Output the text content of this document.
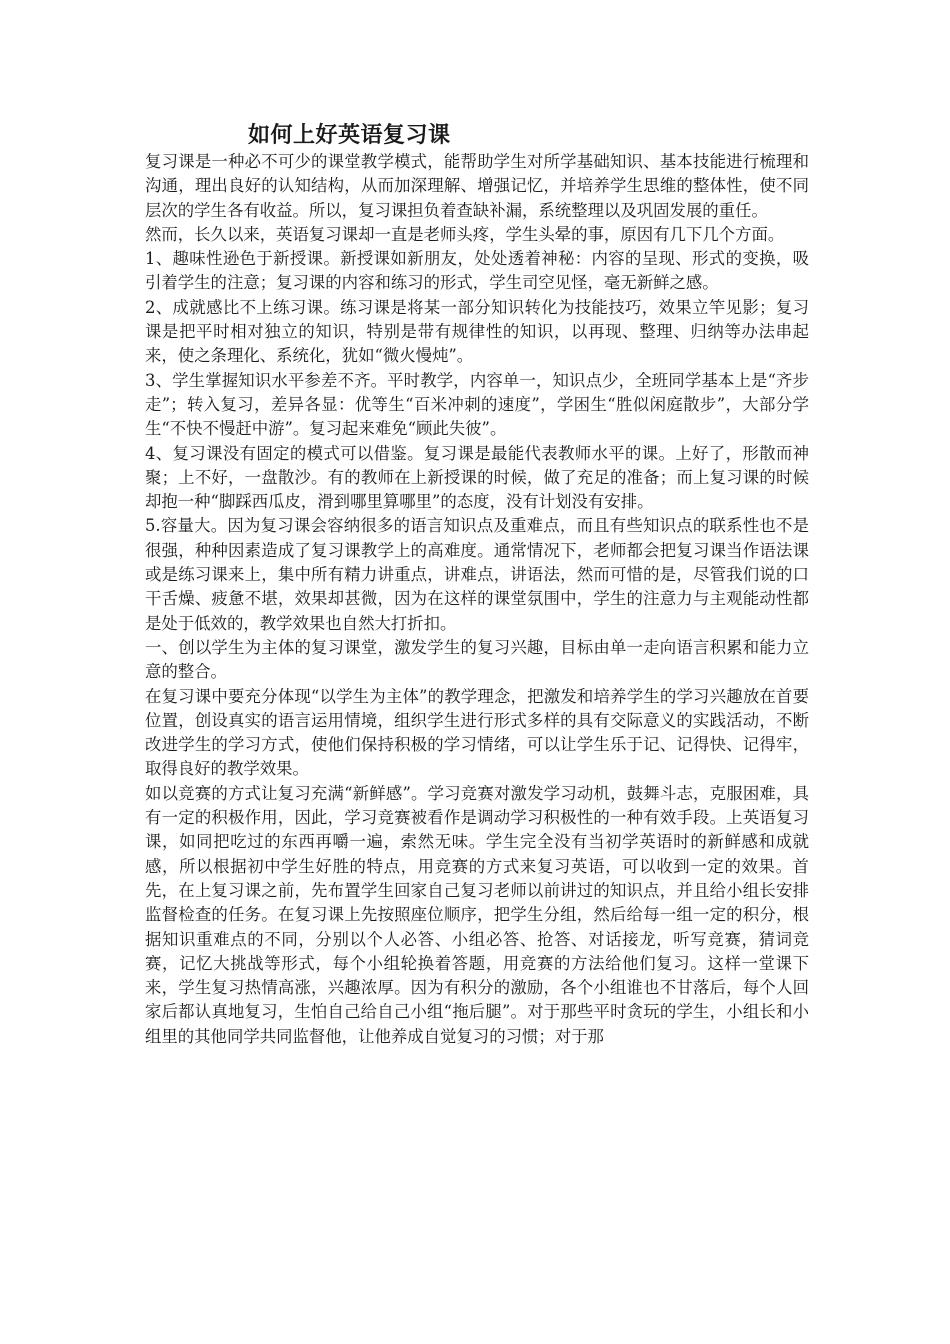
如何上好英语复习课

复习课是一种必不可少的课堂教学模式，能帮助学生对所学基础知识、基本技能进行梳理和沟通，理出良好的认知结构，从而加深理解、增强记忆，并培养学生思维的整体性，使不同层次的学生各有收益。所以，复习课担负着查缺补漏，系统整理以及巩固发展的重任。

然而，长久以来，英语复习课却一直是老师头疼，学生头晕的事，原因有几下几个方面。

1、趣味性逊色于新授课。新授课如新朋友，处处透着神秘：内容的呈现、形式的变换，吸引着学生的注意；复习课的内容和练习的形式，学生司空见怪，毫无新鲜之感。

2、成就感比不上练习课。练习课是将某一部分知识转化为技能技巧，效果立竿见影；复习课是把平时相对独立的知识，特别是带有规律性的知识，以再现、整理、归纳等办法串起来，使之条理化、系统化，犹如“微火慢炖”。

3、学生掌握知识水平参差不齐。平时教学，内容单一，知识点少，全班同学基本上是“齐步走”；转入复习，差异各显：优等生“百米冲刺的速度”，学困生“胜似闲庭散步”，大部分学生“不快不慢赶中游”。复习起来难免“顾此失彼”。

4、复习课没有固定的模式可以借鉴。复习课是最能代表教师水平的课。上好了，形散而神聚；上不好，一盘散沙。有的教师在上新授课的时候，做了充足的准备；而上复习课的时候却抱一种“脚踩西瓜皮，滑到哪里算哪里”的态度，没有计划没有安排。

5.容量大。因为复习课会容纳很多的语言知识点及重难点，而且有些知识点的联系性也不是很强，种种因素造成了复习课教学上的高难度。通常情况下，老师都会把复习课当作语法课或是练习课来上，集中所有精力讲重点，讲难点，讲语法，然而可惜的是，尽管我们说的口干舌燥、疲惫不堪，效果却甚微，因为在这样的课堂氛围中，学生的注意力与主观能动性都是处于低效的，教学效果也自然大打折扣。

一、创以学生为主体的复习课堂，激发学生的复习兴趣，目标由单一走向语言积累和能力立意的整合。

在复习课中要充分体现“以学生为主体”的教学理念，把激发和培养学生的学习兴趣放在首要位置，创设真实的语言运用情境，组织学生进行形式多样的具有交际意义的实践活动，不断改进学生的学习方式，使他们保持积极的学习情绪，可以让学生乐于记、记得快、记得牢，取得良好的教学效果。

如以竞赛的方式让复习充满“新鲜感”。学习竞赛对激发学习动机，鼓舞斗志，克服困难，具有一定的积极作用，因此，学习竞赛被看作是调动学习积极性的一种有效手段。上英语复习课，如同把吃过的东西再嚼一遍，索然无味。学生完全没有当初学英语时的新鲜感和成就感，所以根据初中学生好胜的特点，用竞赛的方式来复习英语，可以收到一定的效果。首先，在上复习课之前，先布置学生回家自己复习老师以前讲过的知识点，并且给小组长安排监督检查的任务。在复习课上先按照座位顺序，把学生分组，然后给每一组一定的积分，根据知识重难点的不同，分别以个人必答、小组必答、抢答、对话接龙，听写竞赛，猜词竞赛，记忆大挑战等形式，每个小组轮换着答题，用竞赛的方法给他们复习。这样一堂课下来，学生复习热情高涨，兴趣浓厚。因为有积分的激励，各个小组谁也不甘落后，每个人回家后都认真地复习，生怕自己给自己小组“拖后腿”。对于那些平时贪玩的学生，小组长和小组里的其他同学共同监督他，让他养成自觉复习的习惯；对于那
